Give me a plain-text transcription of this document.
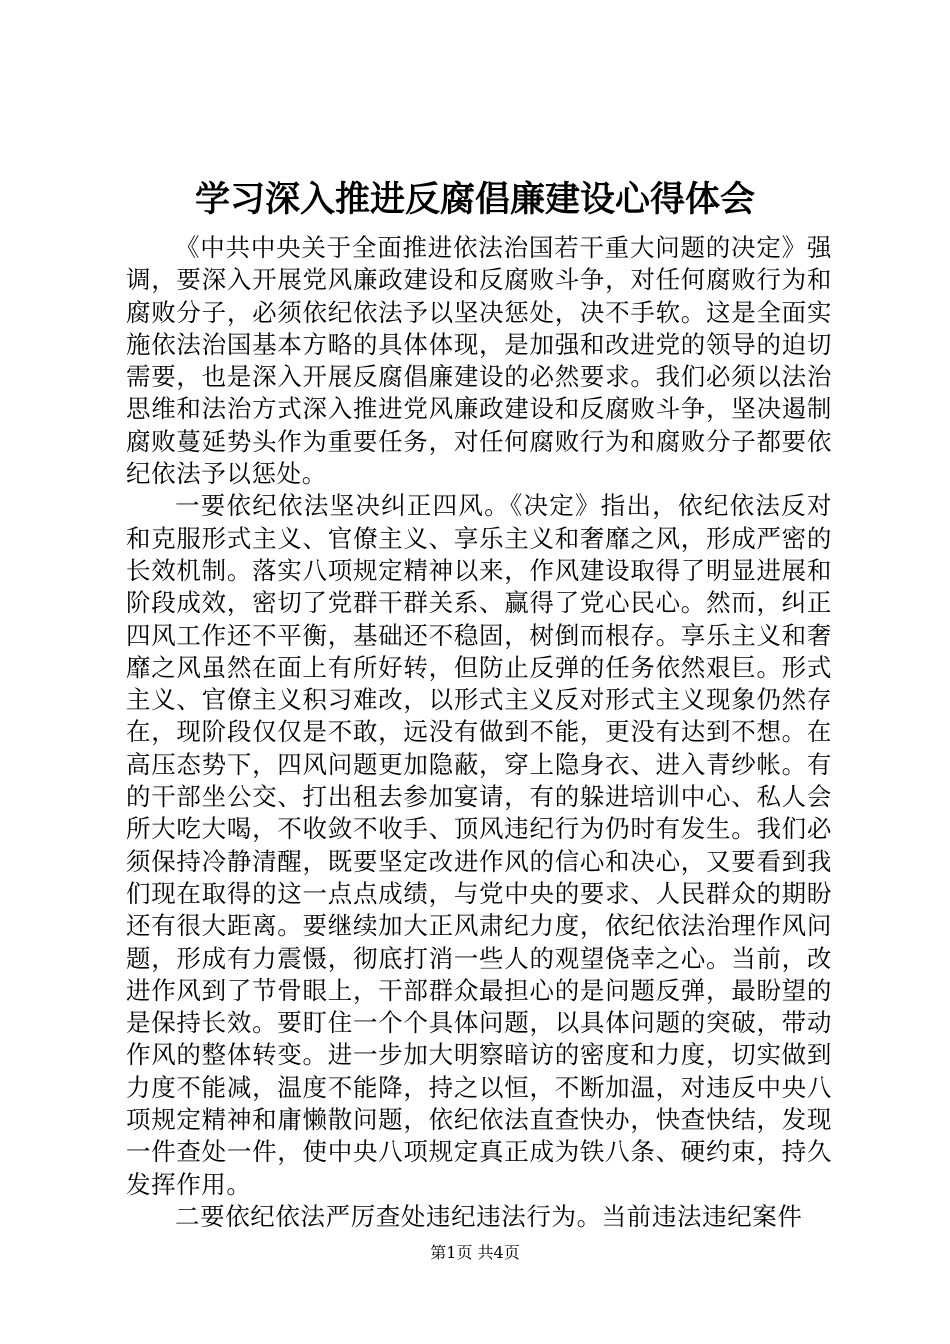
学习深入推进反腐倡廉建设心得体会

《中共中央关于全面推进依法治国若干重大问题的决定》强调，要深入开展党风廉政建设和反腐败斗争，对任何腐败行为和腐败分子，必须依纪依法予以坚决惩处，决不手软。这是全面实施依法治国基本方略的具体体现，是加强和改进党的领导的迫切需要，也是深入开展反腐倡廉建设的必然要求。我们必须以法治思维和法治方式深入推进党风廉政建设和反腐败斗争，坚决遏制腐败蔓延势头作为重要任务，对任何腐败行为和腐败分子都要依纪依法予以惩处。

一要依纪依法坚决纠正四风。《决定》指出，依纪依法反对和克服形式主义、官僚主义、享乐主义和奢靡之风，形成严密的长效机制。落实八项规定精神以来，作风建设取得了明显进展和阶段成效，密切了党群干群关系、赢得了党心民心。然而，纠正四风工作还不平衡，基础还不稳固，树倒而根存。享乐主义和奢靡之风虽然在面上有所好转，但防止反弹的任务依然艰巨。形式主义、官僚主义积习难改，以形式主义反对形式主义现象仍然存在，现阶段仅仅是不敢，远没有做到不能，更没有达到不想。在高压态势下，四风问题更加隐蔽，穿上隐身衣、进入青纱帐。有的干部坐公交、打出租去参加宴请，有的躲进培训中心、私人会所大吃大喝，不收敛不收手、顶风违纪行为仍时有发生。我们必须保持冷静清醒，既要坚定改进作风的信心和决心，又要看到我们现在取得的这一点点成绩，与党中央的要求、人民群众的期盼还有很大距离。要继续加大正风肃纪力度，依纪依法治理作风问题，形成有力震慑，彻底打消一些人的观望侥幸之心。当前，改进作风到了节骨眼上，干部群众最担心的是问题反弹，最盼望的是保持长效。要盯住一个个具体问题，以具体问题的突破，带动作风的整体转变。进一步加大明察暗访的密度和力度，切实做到力度不能减，温度不能降，持之以恒，不断加温，对违反中央八项规定精神和庸懒散问题，依纪依法直查快办，快查快结，发现一件查处一件，使中央八项规定真正成为铁八条、硬约束，持久发挥作用。

二要依纪依法严厉查处违纪违法行为。当前违法违纪案件

第1页 共4页
